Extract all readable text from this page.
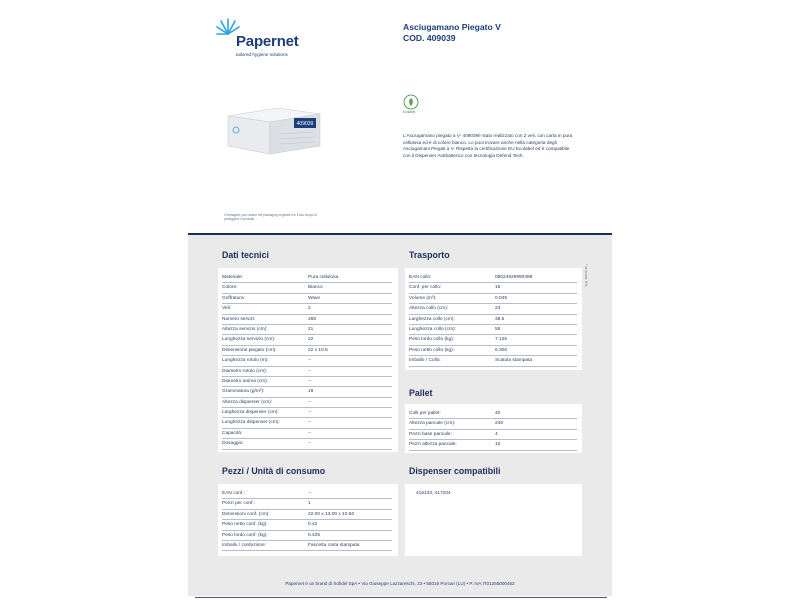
Papernet
tailored hygiene solutions
Asciugamano Piegato V
COD. 409039
409039
Ecolabel
L'Asciugamano piegato a V- 409039è stato realizzato con 2 veli, con carta in pura cellulosa ed è di colore bianco. Lo puoi trovare anche nella categoria degli Asciugamani Piegati a V. Rispetta la certificazione EU Ecolabel ed è compatibile con il Dispenser Antibatterico con tecnologia Defend Tech.
L'immagine può variare nel packaging originale e/o il sito scopo di proteggere il prodotto.
Dati tecnici
Materiale:	Pura cellulosa
Colore:	Bianco
Goffratura:	Wave
Veli:	2
Numero servizi:	268
Altezza servizio (cm):	21
Lunghezza servizio (cm):	22
Dimensione piegato (cm):	22 x 10.5
Lunghezza rotolo (m):	--
Diametro rotolo (cm):	--
Diametro anima (cm):	--
Grammatura (g/m²):	18
Altezza dispenser (cm):	--
Larghezza dispenser (cm):	--
Lunghezza dispenser (cm):	--
Capacità:	--
Dosaggio:	--
Trasporto
EAN collo:	08024929990398
Conf. per collo:	15
Volume (m³):	0.049
Altezza collo (cm):	23
Larghezza collo (cm):	38.5
Lunghezza collo (cm):	55
Peso lordo collo (kg):	7.126
Peso netto collo (kg):	6.306
Imballo / Collo:	Scatola stampata
* Ia scora: 0%
Pallet
Colli per pallet:	40
Altezza pancale (cm):	246
Pezzi base pancale:	4
Pezzi altezza pancale:	10
Pezzi / Unità di consumo
EAN conf.:	--
Pezzi per conf.:	1
Dimensioni conf. (cm):	22.00 x 13.00 x 10.50
Peso netto conf. (kg):	0.42
Peso lordo conf. (kg):	0.425
Imballo / confezione:	Fascetta carta stampata
Dispenser compatibili
416143, 417204
Papernet è un brand di Sofidel SpA • Via Giuseppe Lazzareschi, 23 • 55016 Porcari (LU) • P. IVA IT01255000462
